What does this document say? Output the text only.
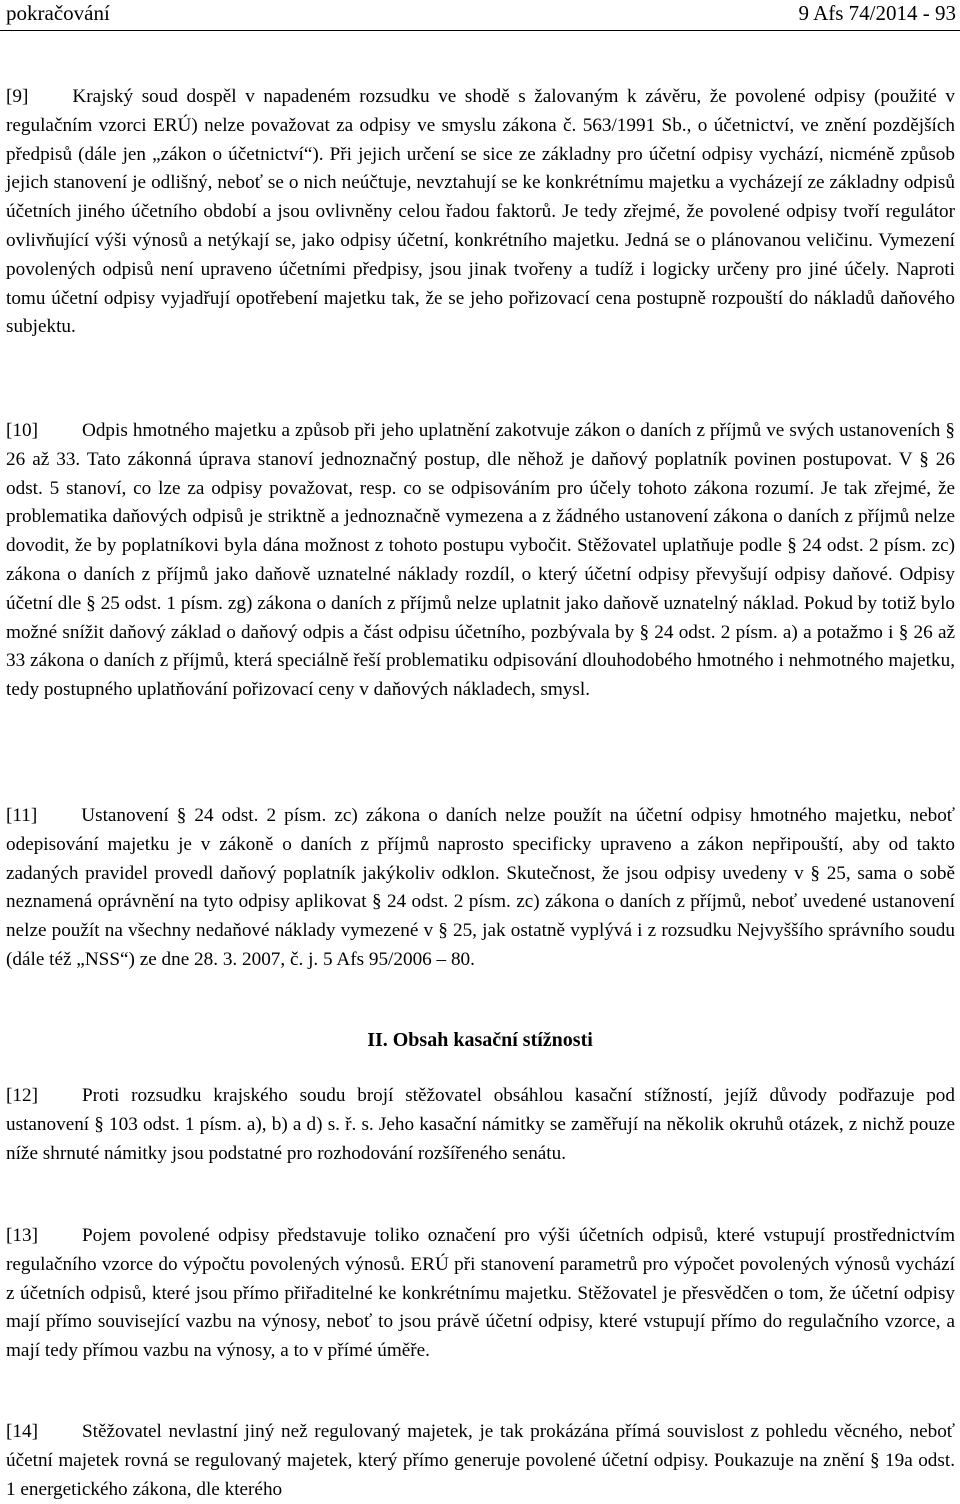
pokračování	9 Afs 74/2014 - 93

[9] Krajský soud dospěl v napadeném rozsudku ve shodě s žalovaným k závěru, že povolené odpisy (použité v regulačním vzorci ERÚ) nelze považovat za odpisy ve smyslu zákona č. 563/1991 Sb., o účetnictví, ve znění pozdějších předpisů (dále jen „zákon o účetnictví“). Při jejich určení se sice ze základny pro účetní odpisy vychází, nicméně způsob jejich stanovení je odlišný, neboť se o nich neúčtuje, nevztahují se ke konkrétnímu majetku a vycházejí ze základny odpisů účetních jiného účetního období a jsou ovlivněny celou řadou faktorů. Je tedy zřejmé, že povolené odpisy tvoří regulátor ovlivňující výši výnosů a netýkají se, jako odpisy účetní, konkrétního majetku. Jedná se o plánovanou veličinu. Vymezení povolených odpisů není upraveno účetními předpisy, jsou jinak tvořeny a tudíž i logicky určeny pro jiné účely. Naproti tomu účetní odpisy vyjadřují opotřebení majetku tak, že se jeho pořizovací cena postupně rozpouští do nákladů daňového subjektu.

[10] Odpis hmotného majetku a způsob při jeho uplatnění zakotvuje zákon o daních z příjmů ve svých ustanoveních § 26 až 33. Tato zákonná úprava stanoví jednoznačný postup, dle něhož je daňový poplatník povinen postupovat. V § 26 odst. 5 stanoví, co lze za odpisy považovat, resp. co se odpisováním pro účely tohoto zákona rozumí. Je tak zřejmé, že problematika daňových odpisů je striktně a jednoznačně vymezena a z žádného ustanovení zákona o daních z příjmů nelze dovodit, že by poplatníkovi byla dána možnost z tohoto postupu vybočit. Stěžovatel uplatňuje podle § 24 odst. 2 písm. zc) zákona o daních z příjmů jako daňově uznatelné náklady rozdíl, o který účetní odpisy převyšují odpisy daňové. Odpisy účetní dle § 25 odst. 1 písm. zg) zákona o daních z příjmů nelze uplatnit jako daňově uznatelný náklad. Pokud by totiž bylo možné snížit daňový základ o daňový odpis a část odpisu účetního, pozbývala by § 24 odst. 2 písm. a) a potažmo i § 26 až 33 zákona o daních z příjmů, která speciálně řeší problematiku odpisování dlouhodobého hmotného i nehmotného majetku, tedy postupného uplatňování pořizovací ceny v daňových nákladech, smysl.

[11] Ustanovení § 24 odst. 2 písm. zc) zákona o daních nelze použít na účetní odpisy hmotného majetku, neboť odepisování majetku je v zákoně o daních z příjmů naprosto specificky upraveno a zákon nepřipouští, aby od takto zadaných pravidel provedl daňový poplatník jakýkoliv odklon. Skutečnost, že jsou odpisy uvedeny v § 25, sama o sobě neznamená oprávnění na tyto odpisy aplikovat § 24 odst. 2 písm. zc) zákona o daních z příjmů, neboť uvedené ustanovení nelze použít na všechny nedaňové náklady vymezené v § 25, jak ostatně vyplývá i z rozsudku Nejvyššího správního soudu (dále též „NSS“) ze dne 28. 3. 2007, č. j. 5 Afs 95/2006 – 80.

II. Obsah kasační stížnosti

[12] Proti rozsudku krajského soudu brojí stěžovatel obsáhlou kasační stížností, jejíž důvody podřazuje pod ustanovení § 103 odst. 1 písm. a), b) a d) s. ř. s. Jeho kasační námitky se zaměřují na několik okruhů otázek, z nichž pouze níže shrnuté námitky jsou podstatné pro rozhodování rozšířeného senátu.

[13] Pojem povolené odpisy představuje toliko označení pro výši účetních odpisů, které vstupují prostřednictvím regulačního vzorce do výpočtu povolených výnosů. ERÚ při stanovení parametrů pro výpočet povolených výnosů vychází z účetních odpisů, které jsou přímo přiřaditelné ke konkrétnímu majetku. Stěžovatel je přesvědčen o tom, že účetní odpisy mají přímo související vazbu na výnosy, neboť to jsou právě účetní odpisy, které vstupují přímo do regulačního vzorce, a mají tedy přímou vazbu na výnosy, a to v přímé úměře.

[14] Stěžovatel nevlastní jiný než regulovaný majetek, je tak prokázána přímá souvislost z pohledu věcného, neboť účetní majetek rovná se regulovaný majetek, který přímo generuje povolené účetní odpisy. Poukazuje na znění § 19a odst. 1 energetického zákona, dle kterého
